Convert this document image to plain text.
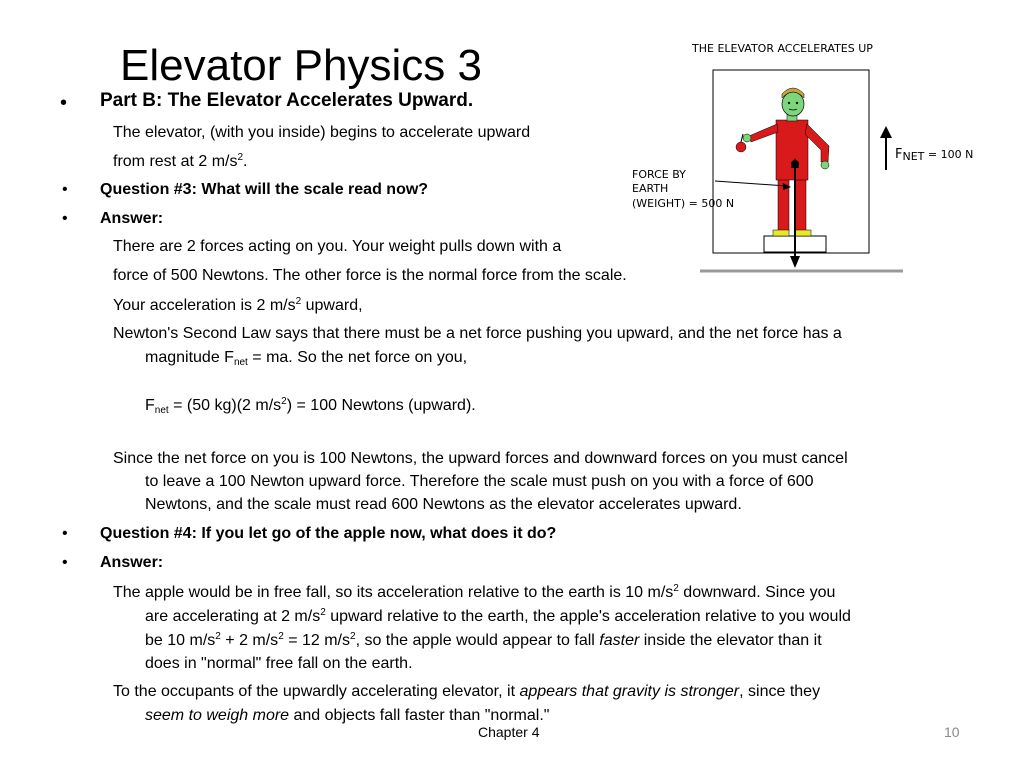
Elevator Physics 3	THE ELEVATOR ACCELERATES UP
FORCE BY
EARTH
(WEIGHT) = 500 N
FNET = 100 N
• Part B: The Elevator Accelerates Upward.
The elevator, (with you inside) begins to accelerate upward
from rest at 2 $m/s^2$.
• Question #3: What will the scale read now?
• Answer:
There are 2 forces acting on you. Your weight pulls down with a
force of 500 Newtons. The other force is the normal force from the scale.
Your acceleration is 2 $m/s^2$ upward,
Newton's Second Law says that there must be a net force pushing you upward, and the net force has a
magnitude $F_{net}$ = ma. So the net force on you,
$F_{net} = (50$ kg)(2 $m/s^2) = 100$ Newtons (upward).
Since the net force on you is 100 Newtons, the upward forces and downward forces on you must cancel
to leave a 100 Newton upward force. Therefore the scale must push on you with a force of 600
Newtons, and the scale must read 600 Newtons as the elevator accelerates upward.
• Question #4: If you let go of the apple now, what does it do?
• Answer:
The apple would be in free fall, so its acceleration relative to the earth is 10 $m/s^2$ downward. Since you
are accelerating at 2 $m/s^2$ upward relative to the earth, the apple's acceleration relative to you would
be 10 $m/s^2 + 2$ $m/s^2 = 12$ $m/s^2$, so the apple would appear to fall faster inside the elevator than it
does in "normal" free fall on the earth.
To the occupants of the upwardly accelerating elevator, it appears that gravity is stronger, since they
seem to weigh more and objects fall faster than "normal."
Chapter 4	10
